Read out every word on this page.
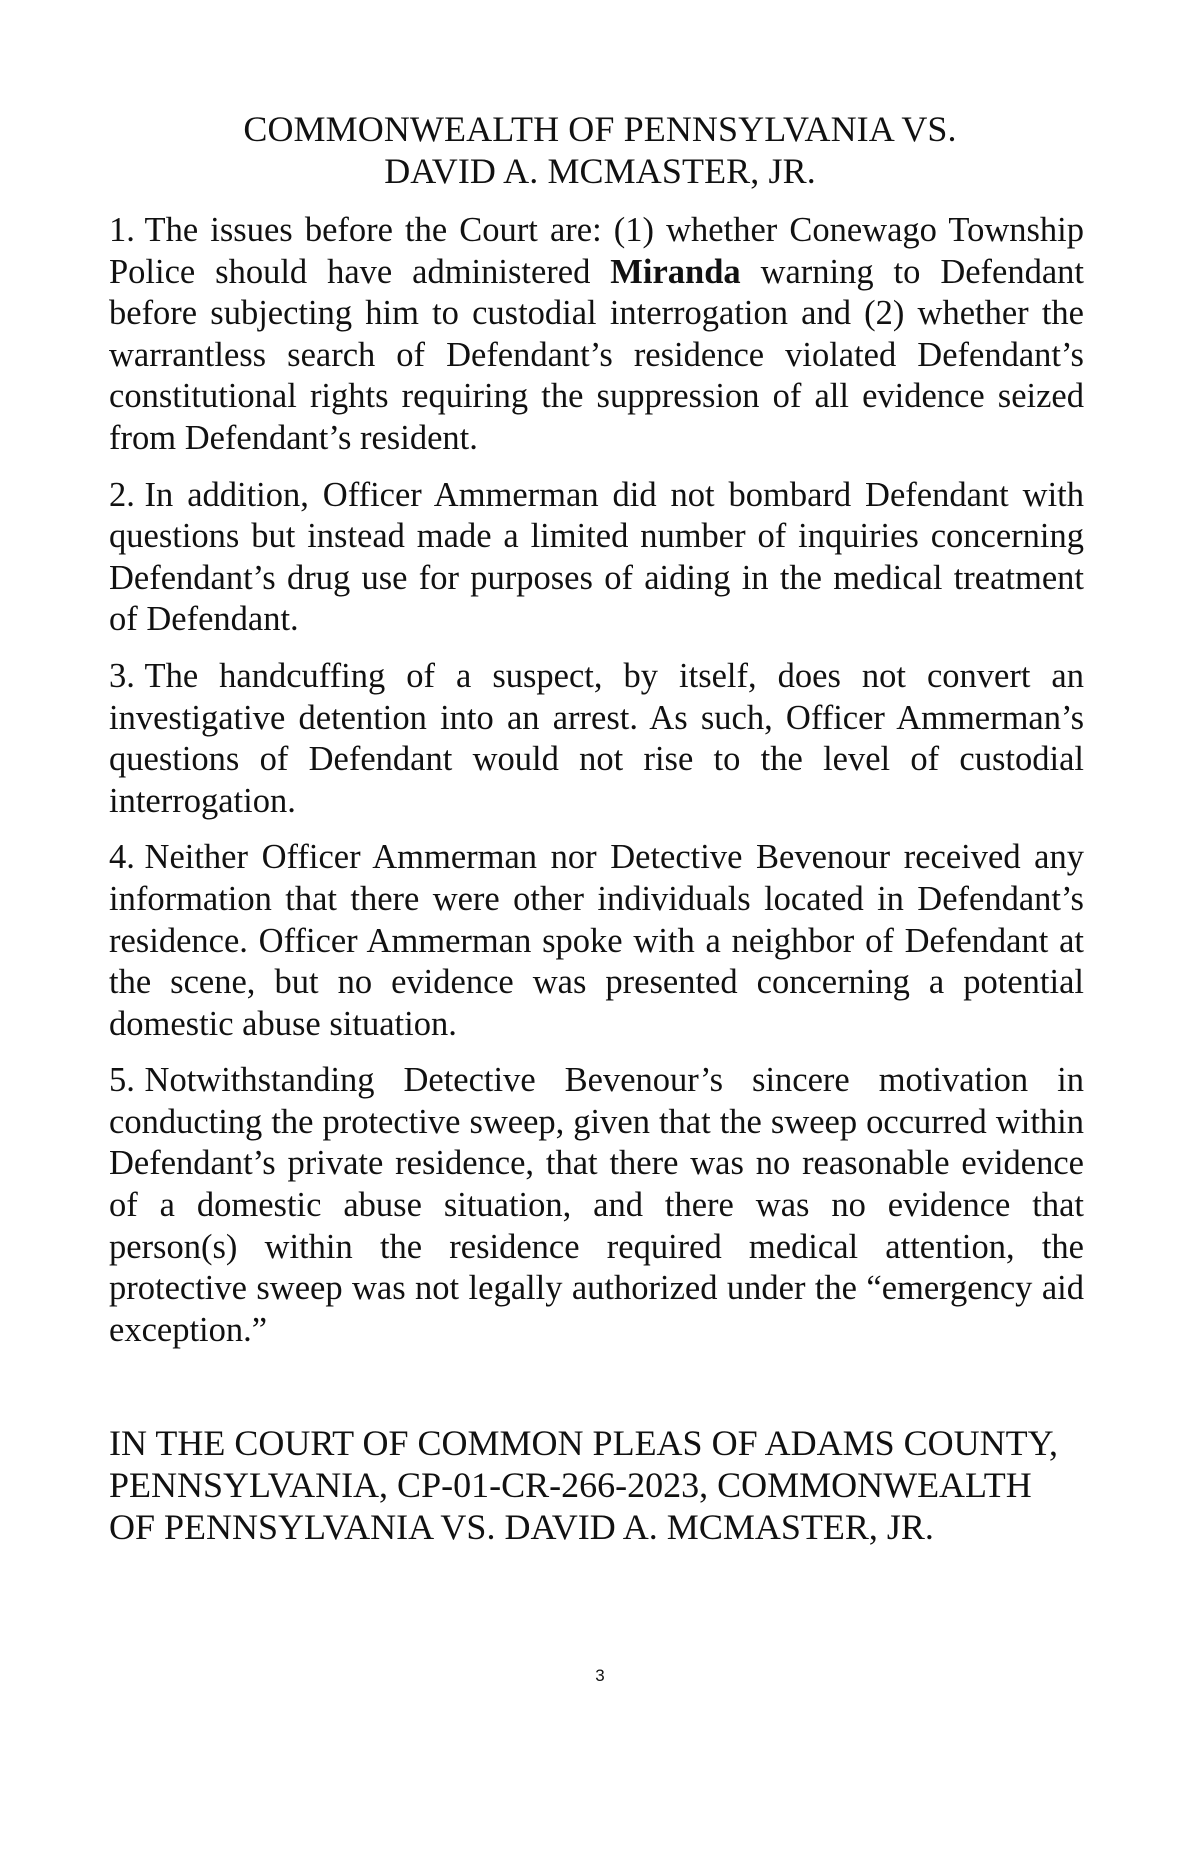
COMMONWEALTH OF PENNSYLVANIA VS.
DAVID A. MCMASTER, JR.

1. The issues before the Court are: (1) whether Conewago Township Police should have administered Miranda warning to Defendant before subjecting him to custodial interrogation and (2) whether the warrantless search of Defendant’s residence violated Defendant’s constitutional rights requiring the suppression of all evidence seized from Defendant’s resident.

2. In addition, Officer Ammerman did not bombard Defendant with questions but instead made a limited number of inquiries concerning Defendant’s drug use for purposes of aiding in the medical treatment of Defendant.

3. The handcuffing of a suspect, by itself, does not convert an investigative detention into an arrest. As such, Officer Ammerman’s questions of Defendant would not rise to the level of custodial interrogation.

4. Neither Officer Ammerman nor Detective Bevenour received any information that there were other individuals located in Defendant’s residence. Officer Ammerman spoke with a neighbor of Defendant at the scene, but no evidence was presented concerning a potential domestic abuse situation.

5. Notwithstanding Detective Bevenour’s sincere motivation in conducting the protective sweep, given that the sweep occurred within Defendant’s private residence, that there was no reasonable evidence of a domestic abuse situation, and there was no evidence that person(s) within the residence required medical attention, the protective sweep was not legally authorized under the “emergency aid exception.”

IN THE COURT OF COMMON PLEAS OF ADAMS COUNTY,
PENNSYLVANIA, CP-01-CR-266-2023, COMMONWEALTH
OF PENNSYLVANIA VS. DAVID A. MCMASTER, JR.
3
